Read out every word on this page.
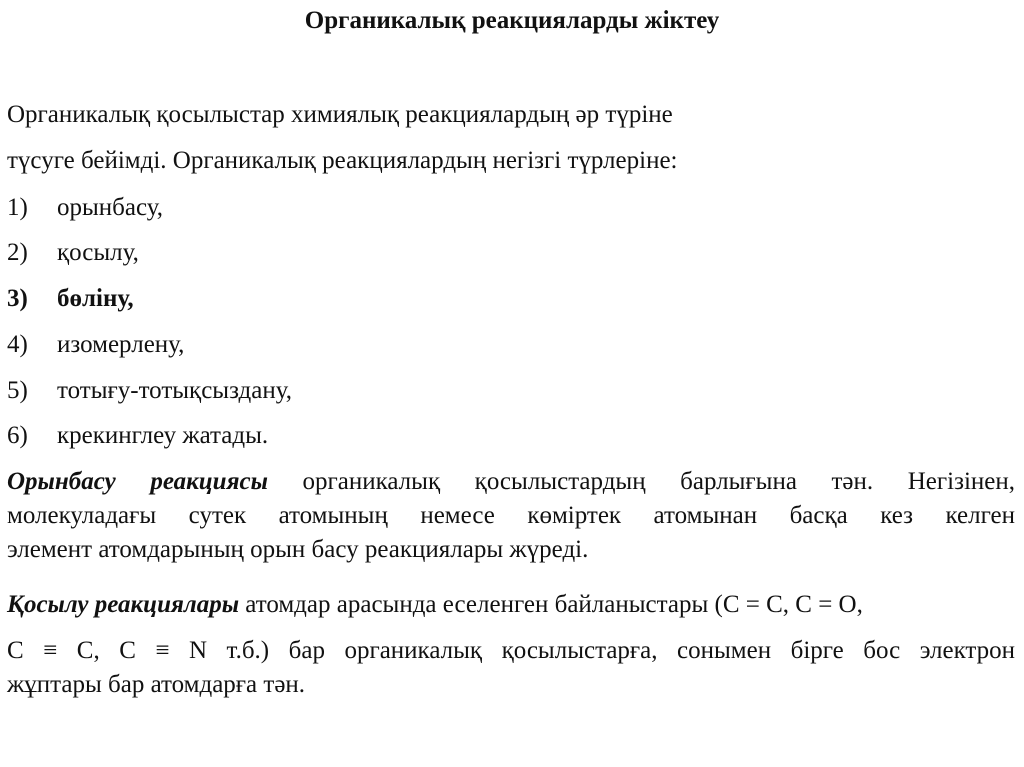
Органикалық реакцияларды жіктеу
Органикалық қосылыстар химиялық реакциялардың әр түріне
түсуге бейімді. Органикалық реакциялардың негізгі түрлеріне:
1) орынбасу,
2) қосылу,
3) бөліну,
4) изомерлену,
5) тотығу-тотықсыздану,
6) крекинглеу жатады.
Орынбасу реакциясы органикалық қосылыстардың барлығына тән. Негізінен,
молекуладағы сутек атомының немесе көміртек атомынан басқа кез келген
элемент атомдарының орын басу реакциялары жүреді.
Қосылу реакциялары атомдар арасында еселенген байланыстары (С = С, С = О,
С ≡ С, С ≡ N т.б.) бар органикалық қосылыстарға, сонымен бірге бос электрон
жұптары бар атомдарға тән.
